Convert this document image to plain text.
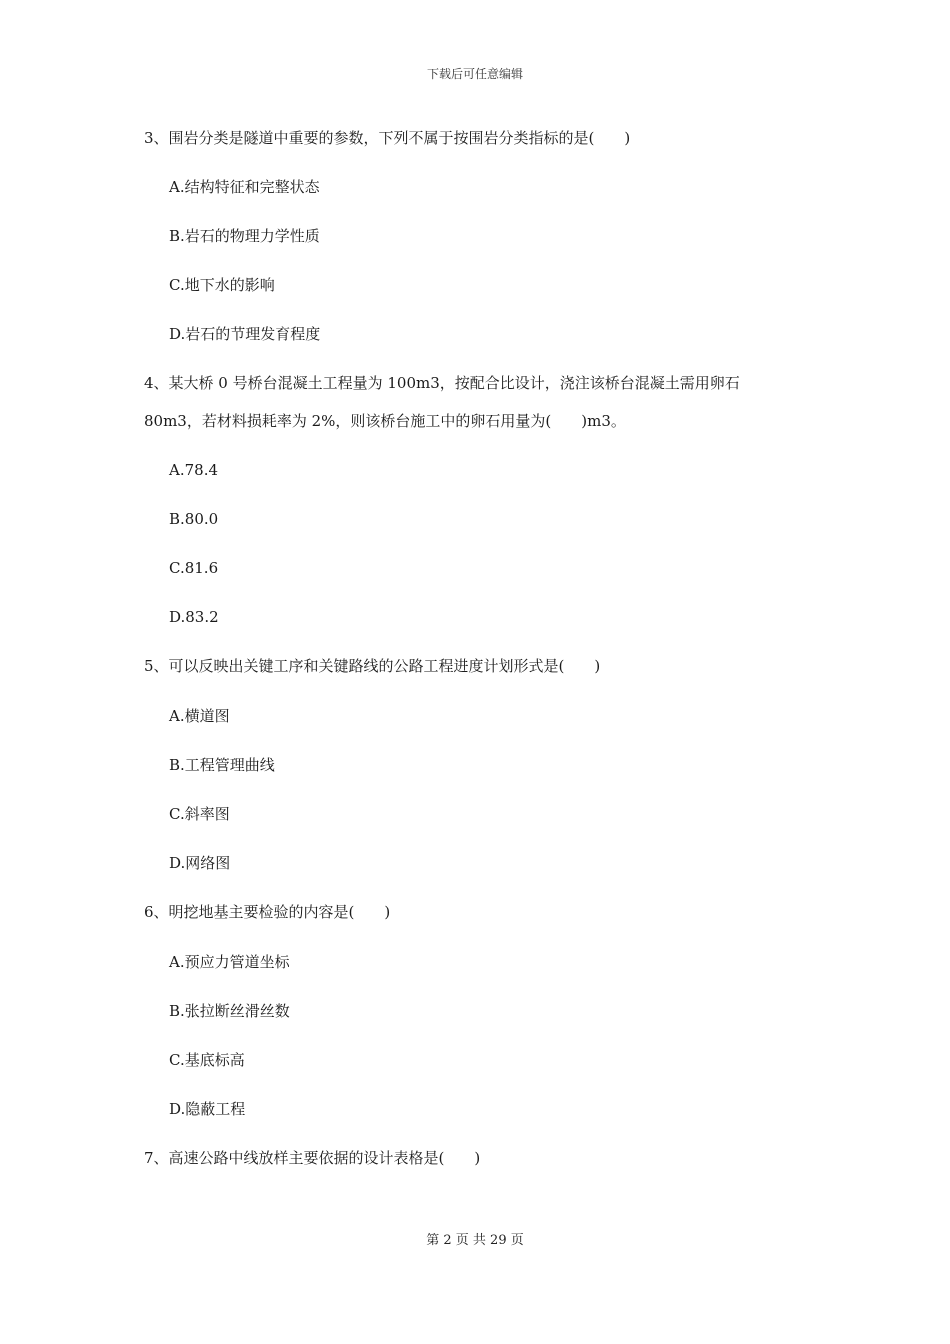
下载后可任意编辑
3、围岩分类是隧道中重要的参数，下列不属于按围岩分类指标的是(　　)
A.结构特征和完整状态
B.岩石的物理力学性质
C.地下水的影响
D.岩石的节理发育程度
4、某大桥 0 号桥台混凝土工程量为 100m3，按配合比设计，浇注该桥台混凝土需用卵石
80m3，若材料损耗率为 2%，则该桥台施工中的卵石用量为(　　)m3。
A.78.4
B.80.0
C.81.6
D.83.2
5、可以反映出关键工序和关键路线的公路工程进度计划形式是(　　)
A.横道图
B.工程管理曲线
C.斜率图
D.网络图
6、明挖地基主要检验的内容是(　　)
A.预应力管道坐标
B.张拉断丝滑丝数
C.基底标高
D.隐蔽工程
7、高速公路中线放样主要依据的设计表格是(　　)
第 2 页 共 29 页
